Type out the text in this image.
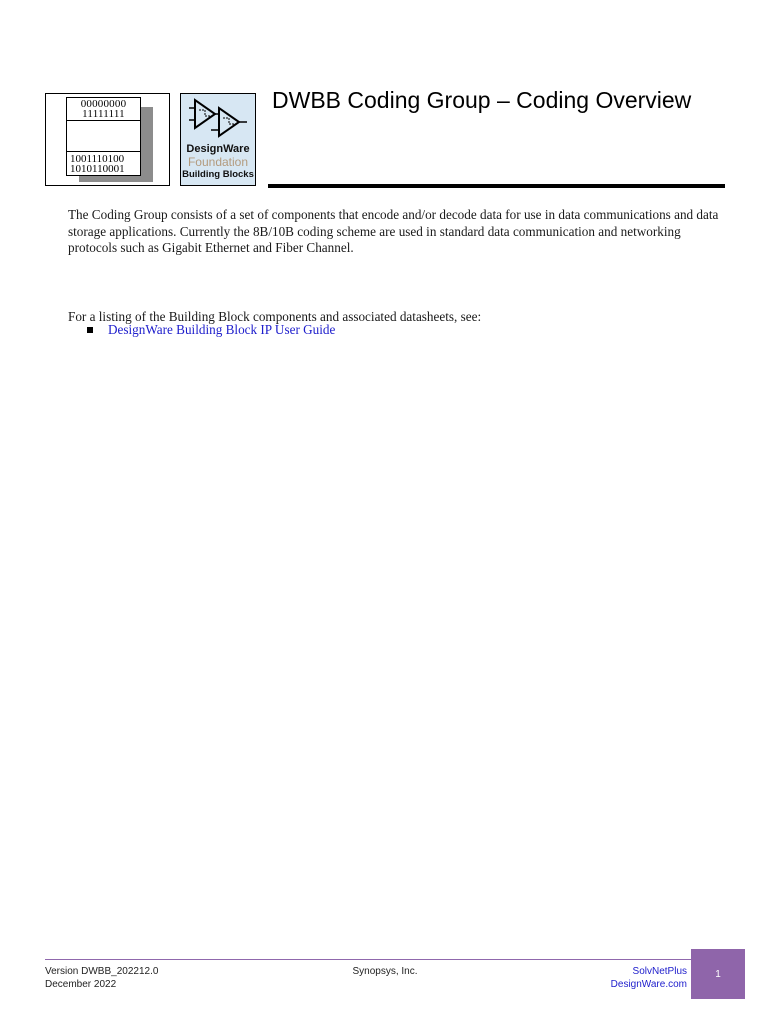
00000000
11111111
1001110100
1010110001
DesignWare
Foundation
Building Blocks
DWBB Coding Group – Coding Overview

The Coding Group consists of a set of components that encode and/or decode data for use in data communications and data storage applications. Currently the 8B/10B coding scheme are used in standard data communication and networking protocols such as Gigabit Ethernet and Fiber Channel.

For a listing of the Building Block components and associated datasheets, see:

DesignWare Building Block IP User Guide
Version DWBB_202212.0
December 2022
Synopsys, Inc.	SolvNetPlus
DesignWare.com
1
